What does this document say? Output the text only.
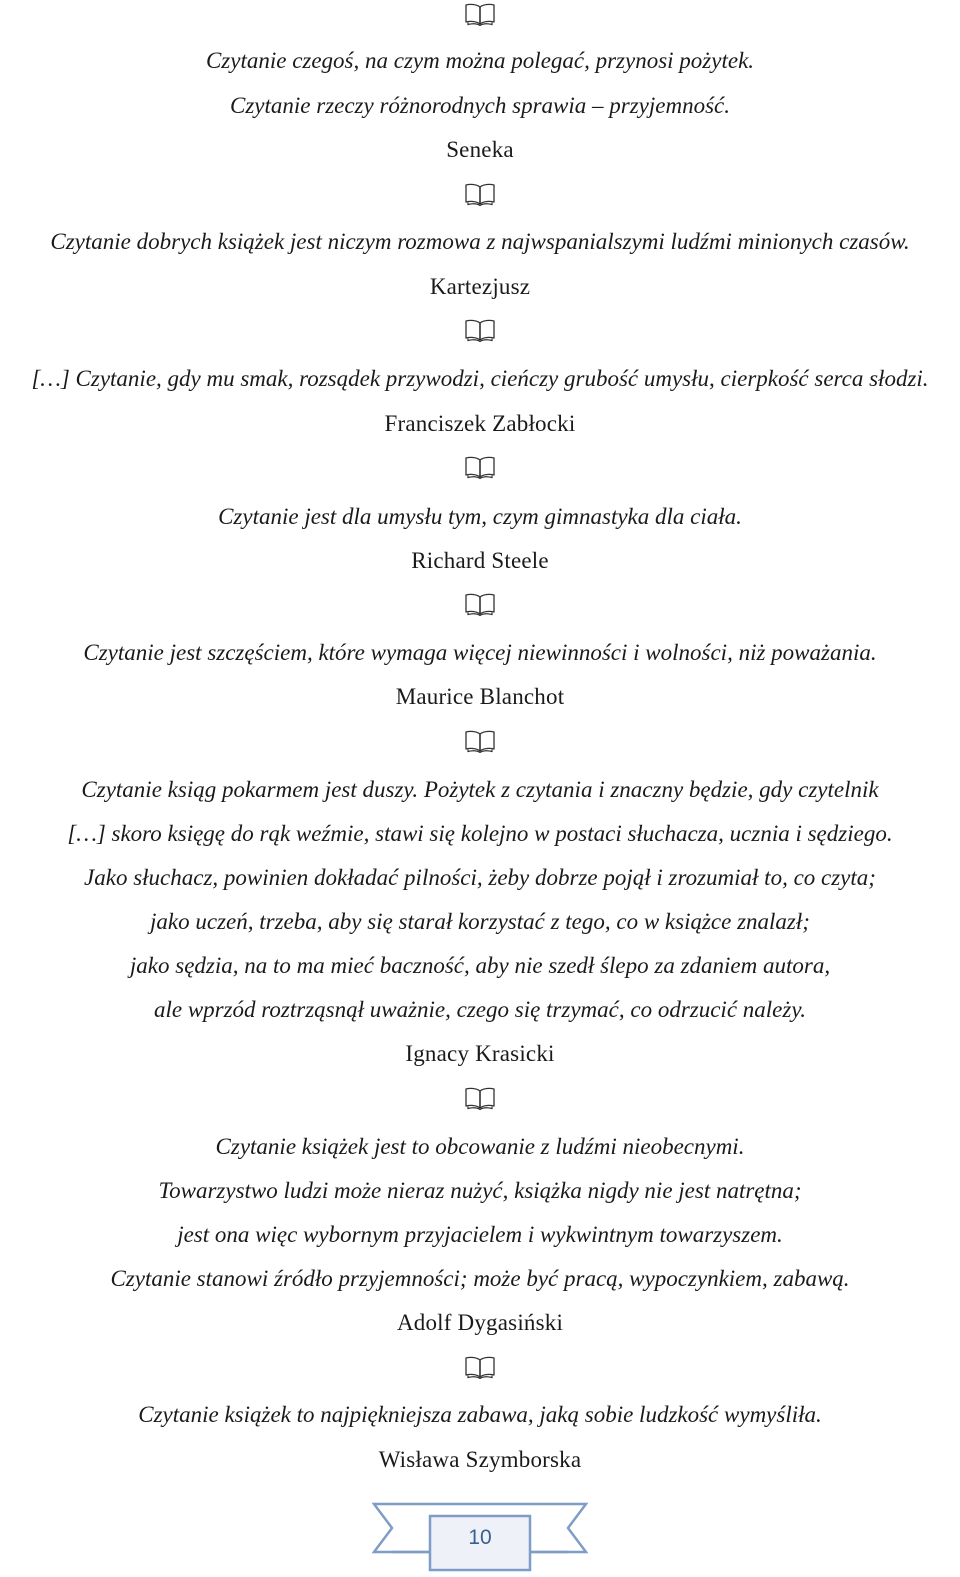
Czytanie czegoś, na czym można polegać, przynosi pożytek.
Czytanie rzeczy różnorodnych sprawia – przyjemność.
Seneka
Czytanie dobrych książek jest niczym rozmowa z najwspanialszymi ludźmi minionych czasów.
Kartezjusz
[…] Czytanie, gdy mu smak, rozsądek przywodzi, cieńczy grubość umysłu, cierpkość serca słodzi.
Franciszek Zabłocki
Czytanie jest dla umysłu tym, czym gimnastyka dla ciała.
Richard Steele
Czytanie jest szczęściem, które wymaga więcej niewinności i wolności, niż poważania.
Maurice Blanchot
Czytanie ksiąg pokarmem jest duszy. Pożytek z czytania i znaczny będzie, gdy czytelnik
[…] skoro księgę do rąk weźmie, stawi się kolejno w postaci słuchacza, ucznia i sędziego.
Jako słuchacz, powinien dokładać pilności, żeby dobrze pojął i zrozumiał to, co czyta;
jako uczeń, trzeba, aby się starał korzystać z tego, co w książce znalazł;
jako sędzia, na to ma mieć baczność, aby nie szedł ślepo za zdaniem autora,
ale wprzód roztrząsnął uważnie, czego się trzymać, co odrzucić należy.
Ignacy Krasicki
Czytanie książek jest to obcowanie z ludźmi nieobecnymi.
Towarzystwo ludzi może nieraz nużyć, książka nigdy nie jest natrętna;
jest ona więc wybornym przyjacielem i wykwintnym towarzyszem.
Czytanie stanowi źródło przyjemności; może być pracą, wypoczynkiem, zabawą.
Adolf Dygasiński
Czytanie książek to najpiękniejsza zabawa, jaką sobie ludzkość wymyśliła.
Wisława Szymborska
10
